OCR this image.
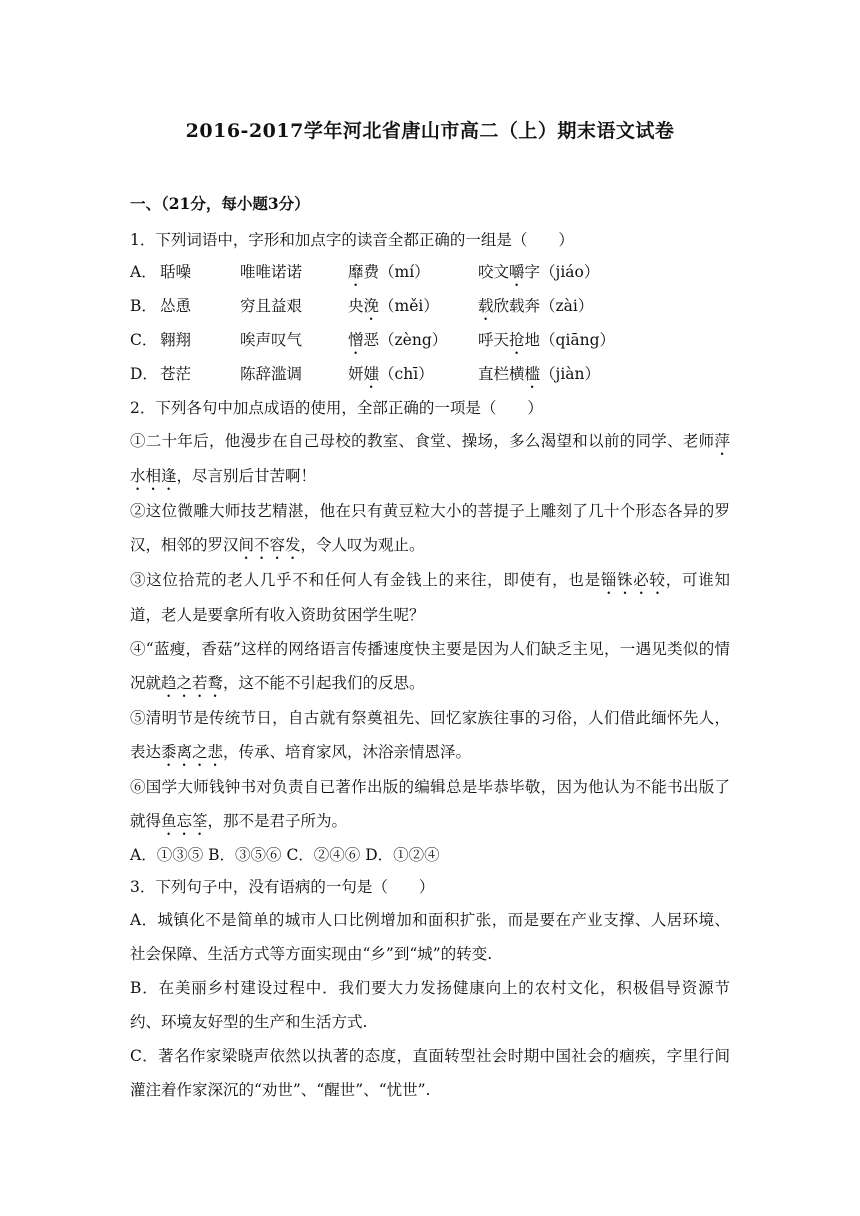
2016-2017学年河北省唐山市高二（上）期末语文试卷
一、（21分，每小题3分）
1．下列词语中，字形和加点字的读音全都正确的一组是（　　）
A． 聒噪	唯唯诺诺	靡费（mí）	咬文嚼字（jiáo）
B． 怂恿	穷且益艰	央浼（měi）	载欣载奔（zài）
C． 翱翔	唉声叹气	憎恶（zèng） 呼天抢地（qiāng）
D． 苍茫	陈辞滥调	妍媸（chī）	直栏横槛（jiàn）
2．下列各句中加点成语的使用，全部正确的一项是（　　）

①二十年后，他漫步在自己母校的教室、食堂、操场，多么渴望和以前的同学、老师萍水相逢，尽言别后甘苦啊！

②这位微雕大师技艺精湛，他在只有黄豆粒大小的菩提子上雕刻了几十个形态各异的罗汉，相邻的罗汉间不容发，令人叹为观止。

③这位拾荒的老人几乎不和任何人有金钱上的来往，即使有，也是锱铢必较，可谁知道，老人是要拿所有收入资助贫困学生呢？

④“蓝瘦，香菇”这样的网络语言传播速度快主要是因为人们缺乏主见，一遇见类似的情况就趋之若鹜，这不能不引起我们的反思。

⑤清明节是传统节日，自古就有祭奠祖先、回忆家族往事的习俗，人们借此缅怀先人，表达黍离之悲，传承、培育家风，沐浴亲情恩泽。

⑥国学大师钱钟书对负责自已著作出版的编辑总是毕恭毕敬，因为他认为不能书出版了就得鱼忘筌，那不是君子所为。

A．①③⑤ B．③⑤⑥ C．②④⑥ D．①②④
3．下列句子中，没有语病的一句是（　　）

A．城镇化不是简单的城市人口比例增加和面积扩张，而是要在产业支撑、人居环境、社会保障、生活方式等方面实现由“乡”到“城”的转变.

B．在美丽乡村建设过程中．我们要大力发扬健康向上的农村文化，积极倡导资源节约、环境友好型的生产和生活方式.

C．著名作家梁晓声依然以执著的态度，直面转型社会时期中国社会的痼疾，字里行间灌注着作家深沉的“劝世”、“醒世”、“忧世”.
